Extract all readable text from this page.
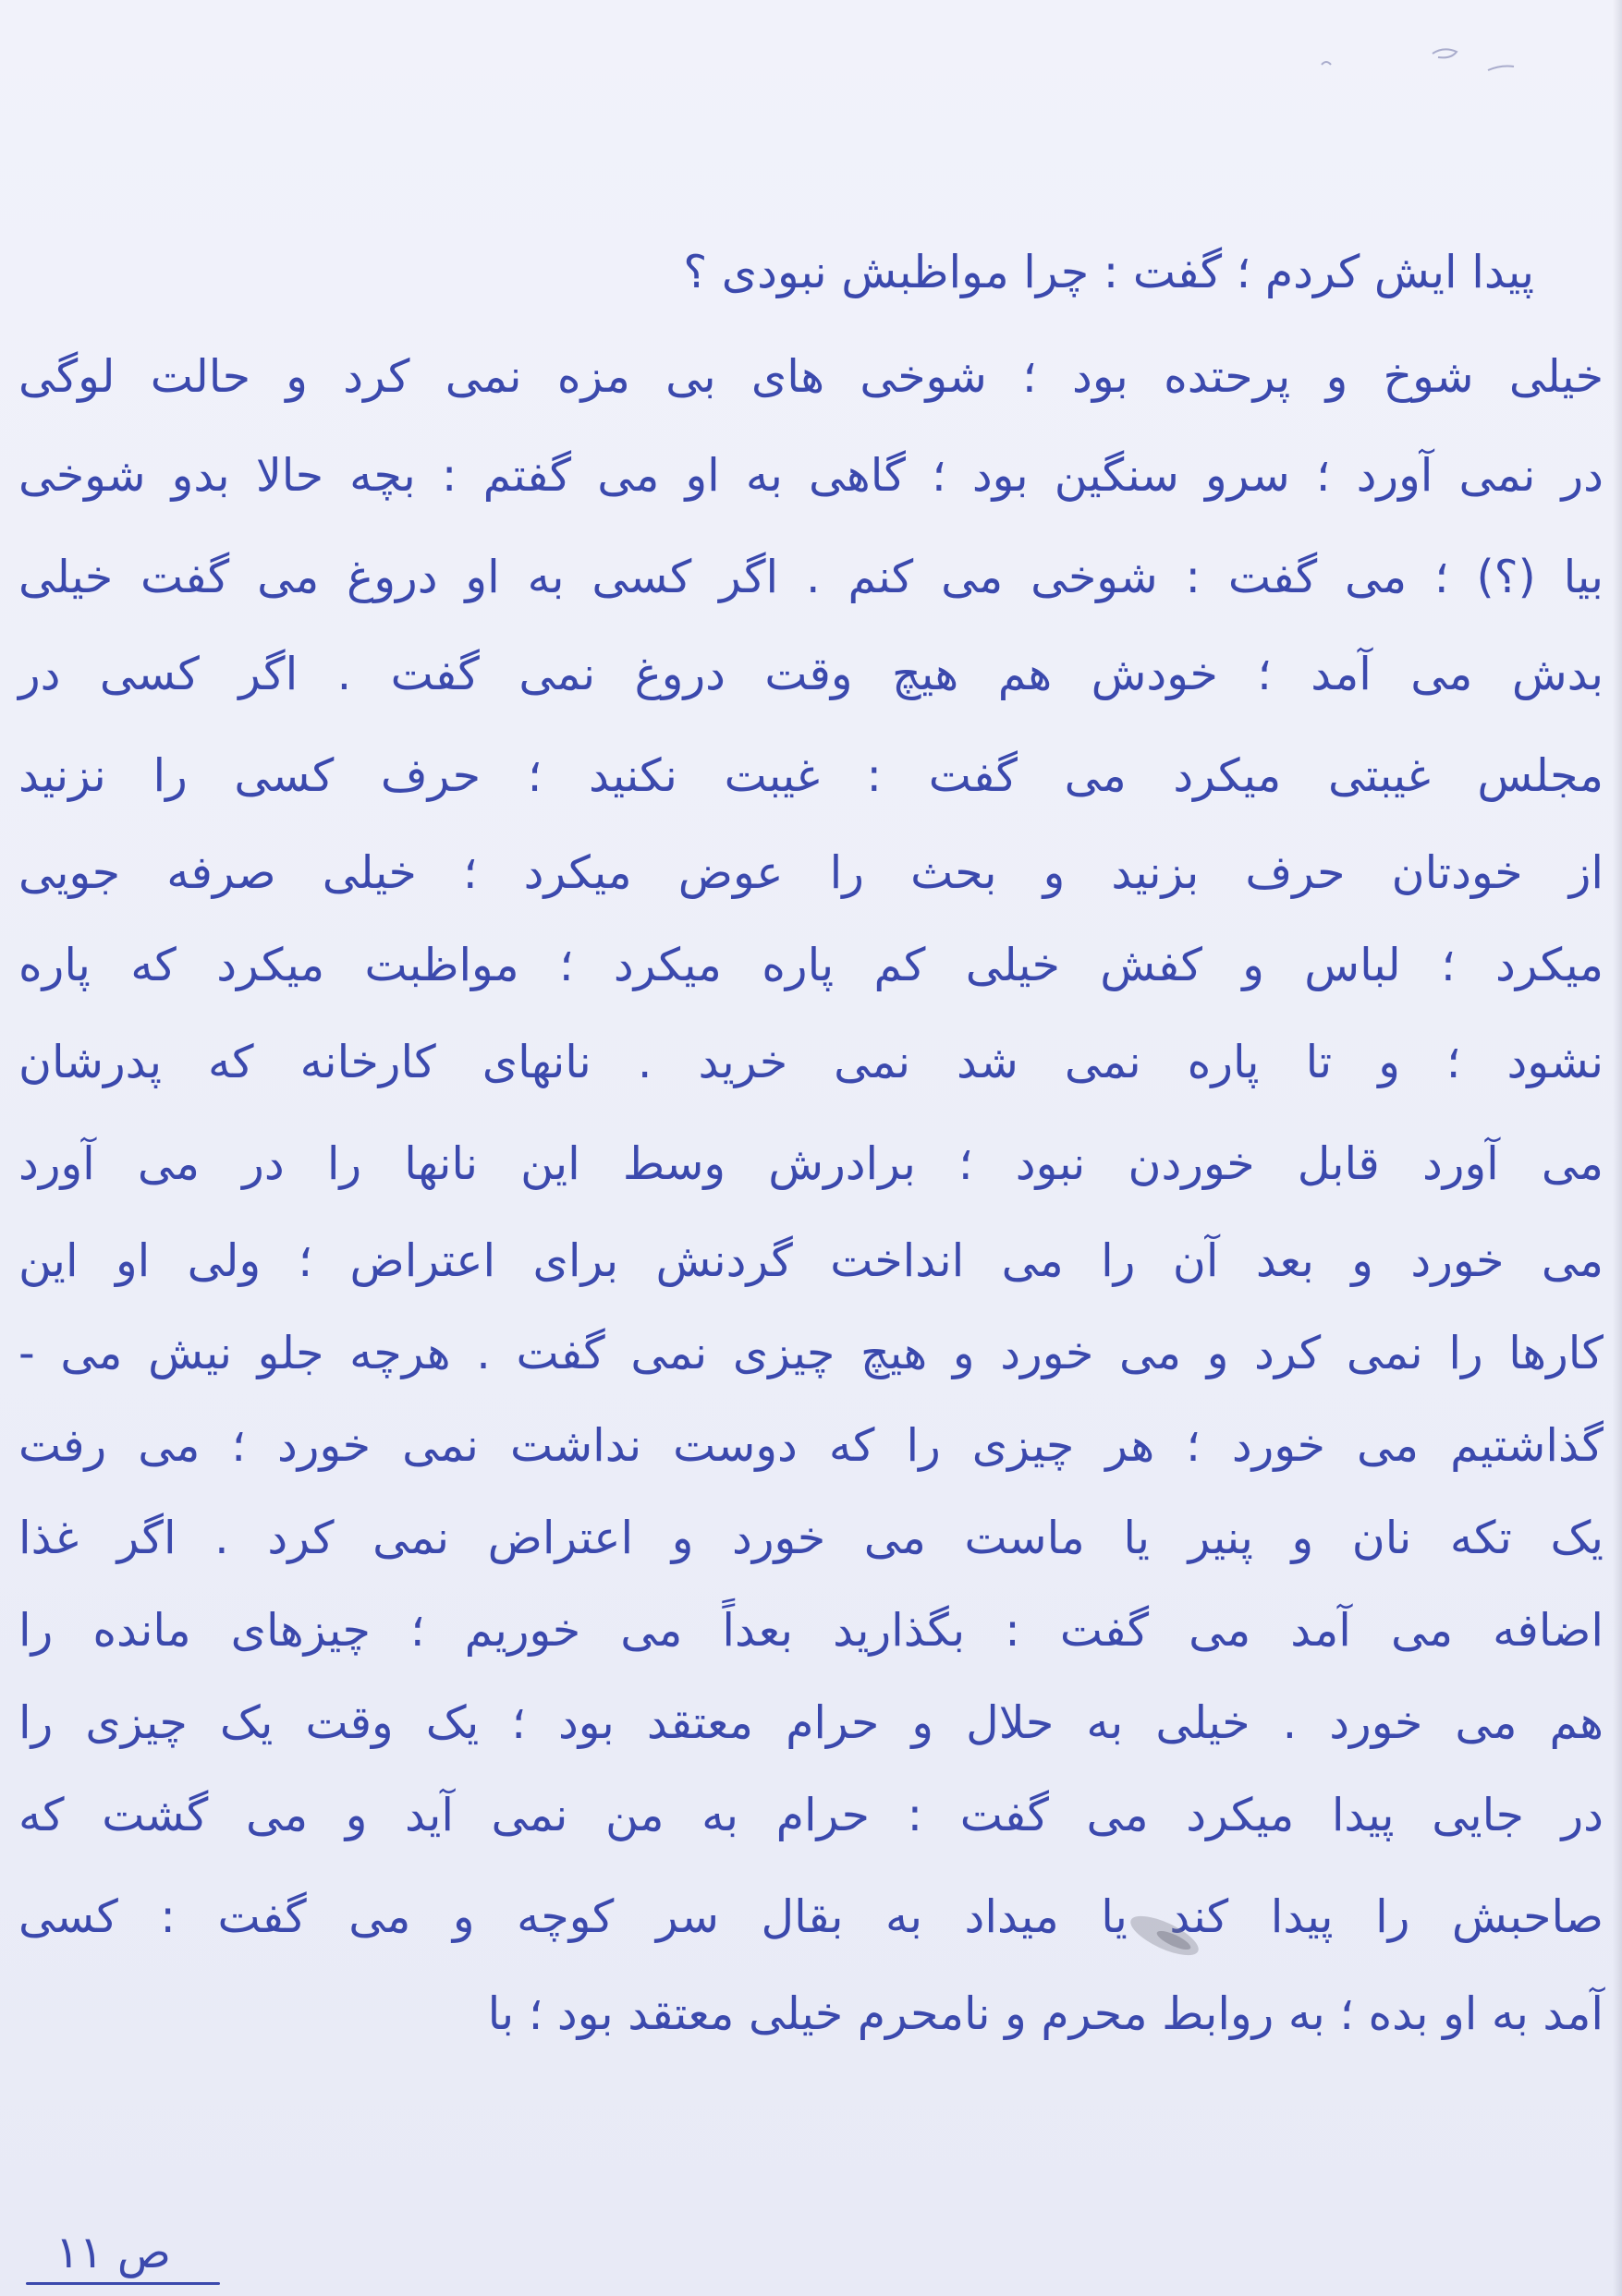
پیدا ایش کردم ؛ گفت : چرا مواظبش نبودی ؟
خیلی شوخ و پرحتده بود ؛ شوخی های بی مزه نمی کرد و حالت لوگی
در نمی آورد ؛ سرو سنگین بود ؛ گاهی به او می گفتم : بچه حالا بدو شوخی
بیا (؟) ؛ می گفت : شوخی می کنم . اگر کسی به او دروغ می گفت خیلی
بدش می آمد ؛ خودش هم هیچ وقت دروغ نمی گفت . اگر کسی در
مجلس غیبتی میکرد می گفت : غیبت نکنید ؛ حرف کسی را نزنید
از خودتان حرف بزنید و بحث را عوض میکرد ؛ خیلی صرفه جویی
میکرد ؛ لباس و کفش خیلی کم پاره میکرد ؛ مواظبت میکرد که پاره
نشود ؛ و تا پاره نمی شد نمی خرید . نانهای کارخانه که پدرشان
می آورد قابل خوردن نبود ؛ برادرش وسط این نانها را در می آورد
می خورد و بعد آن را می انداخت گردنش برای اعتراض ؛ ولی او این
کارها را نمی کرد و می خورد و هیچ چیزی نمی گفت . هرچه جلو نیش می -
گذاشتیم می خورد ؛ هر چیزی را که دوست نداشت نمی خورد ؛ می رفت
یک تکه نان و پنیر یا ماست می خورد و اعتراض نمی کرد . اگر غذا
اضافه می آمد می گفت : بگذارید بعداً می خوریم ؛ چیزهای مانده را
هم می خورد . خیلی به حلال و حرام معتقد بود ؛ یک وقت یک چیزی را
در جایی پیدا میکرد می گفت : حرام به من نمی آید و می گشت که
صاحبش را پیدا کند یا میداد به بقال سر کوچه و می گفت : کسی
آمد به او بده ؛ به روابط محرم و نامحرم خیلی معتقد بود ؛ با
ص ۱۱
